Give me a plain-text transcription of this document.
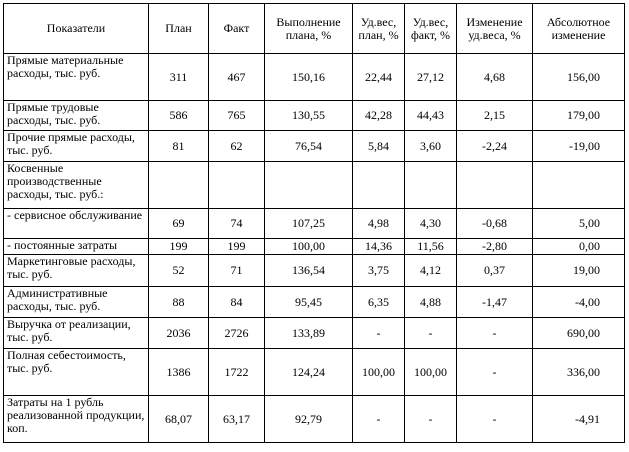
Показатели	План	Факт	Выполнение плана, %	Уд.вес, план, %	Уд.вес, факт, %	Изменение уд.веса, %	Абсолютное изменение
Прямые материальные расходы, тыс. руб.	311	467	150,16	22,44	27,12	4,68	156,00
Прямые трудовые расходы, тыс. руб.	586	765	130,55	42,28	44,43	2,15	179,00
Прочие прямые расходы, тыс. руб.	81	62	76,54	5,84	3,60	-2,24	-19,00
Косвенные производственные расходы, тыс. руб.:							
- сервисное обслуживание	69	74	107,25	4,98	4,30	-0,68	5,00
- постоянные затраты	199	199	100,00	14,36	11,56	-2,80	0,00
Маркетинговые расходы, тыс. руб.	52	71	136,54	3,75	4,12	0,37	19,00
Административные расходы, тыс. руб.	88	84	95,45	6,35	4,88	-1,47	-4,00
Выручка от реализации, тыс. руб.	2036	2726	133,89	-	-	-	690,00
Полная себестоимость, тыс. руб.	1386	1722	124,24	100,00	100,00	-	336,00
Затраты на 1 рубль реализованной продукции, коп.	68,07	63,17	92,79	-	-	-	-4,91
